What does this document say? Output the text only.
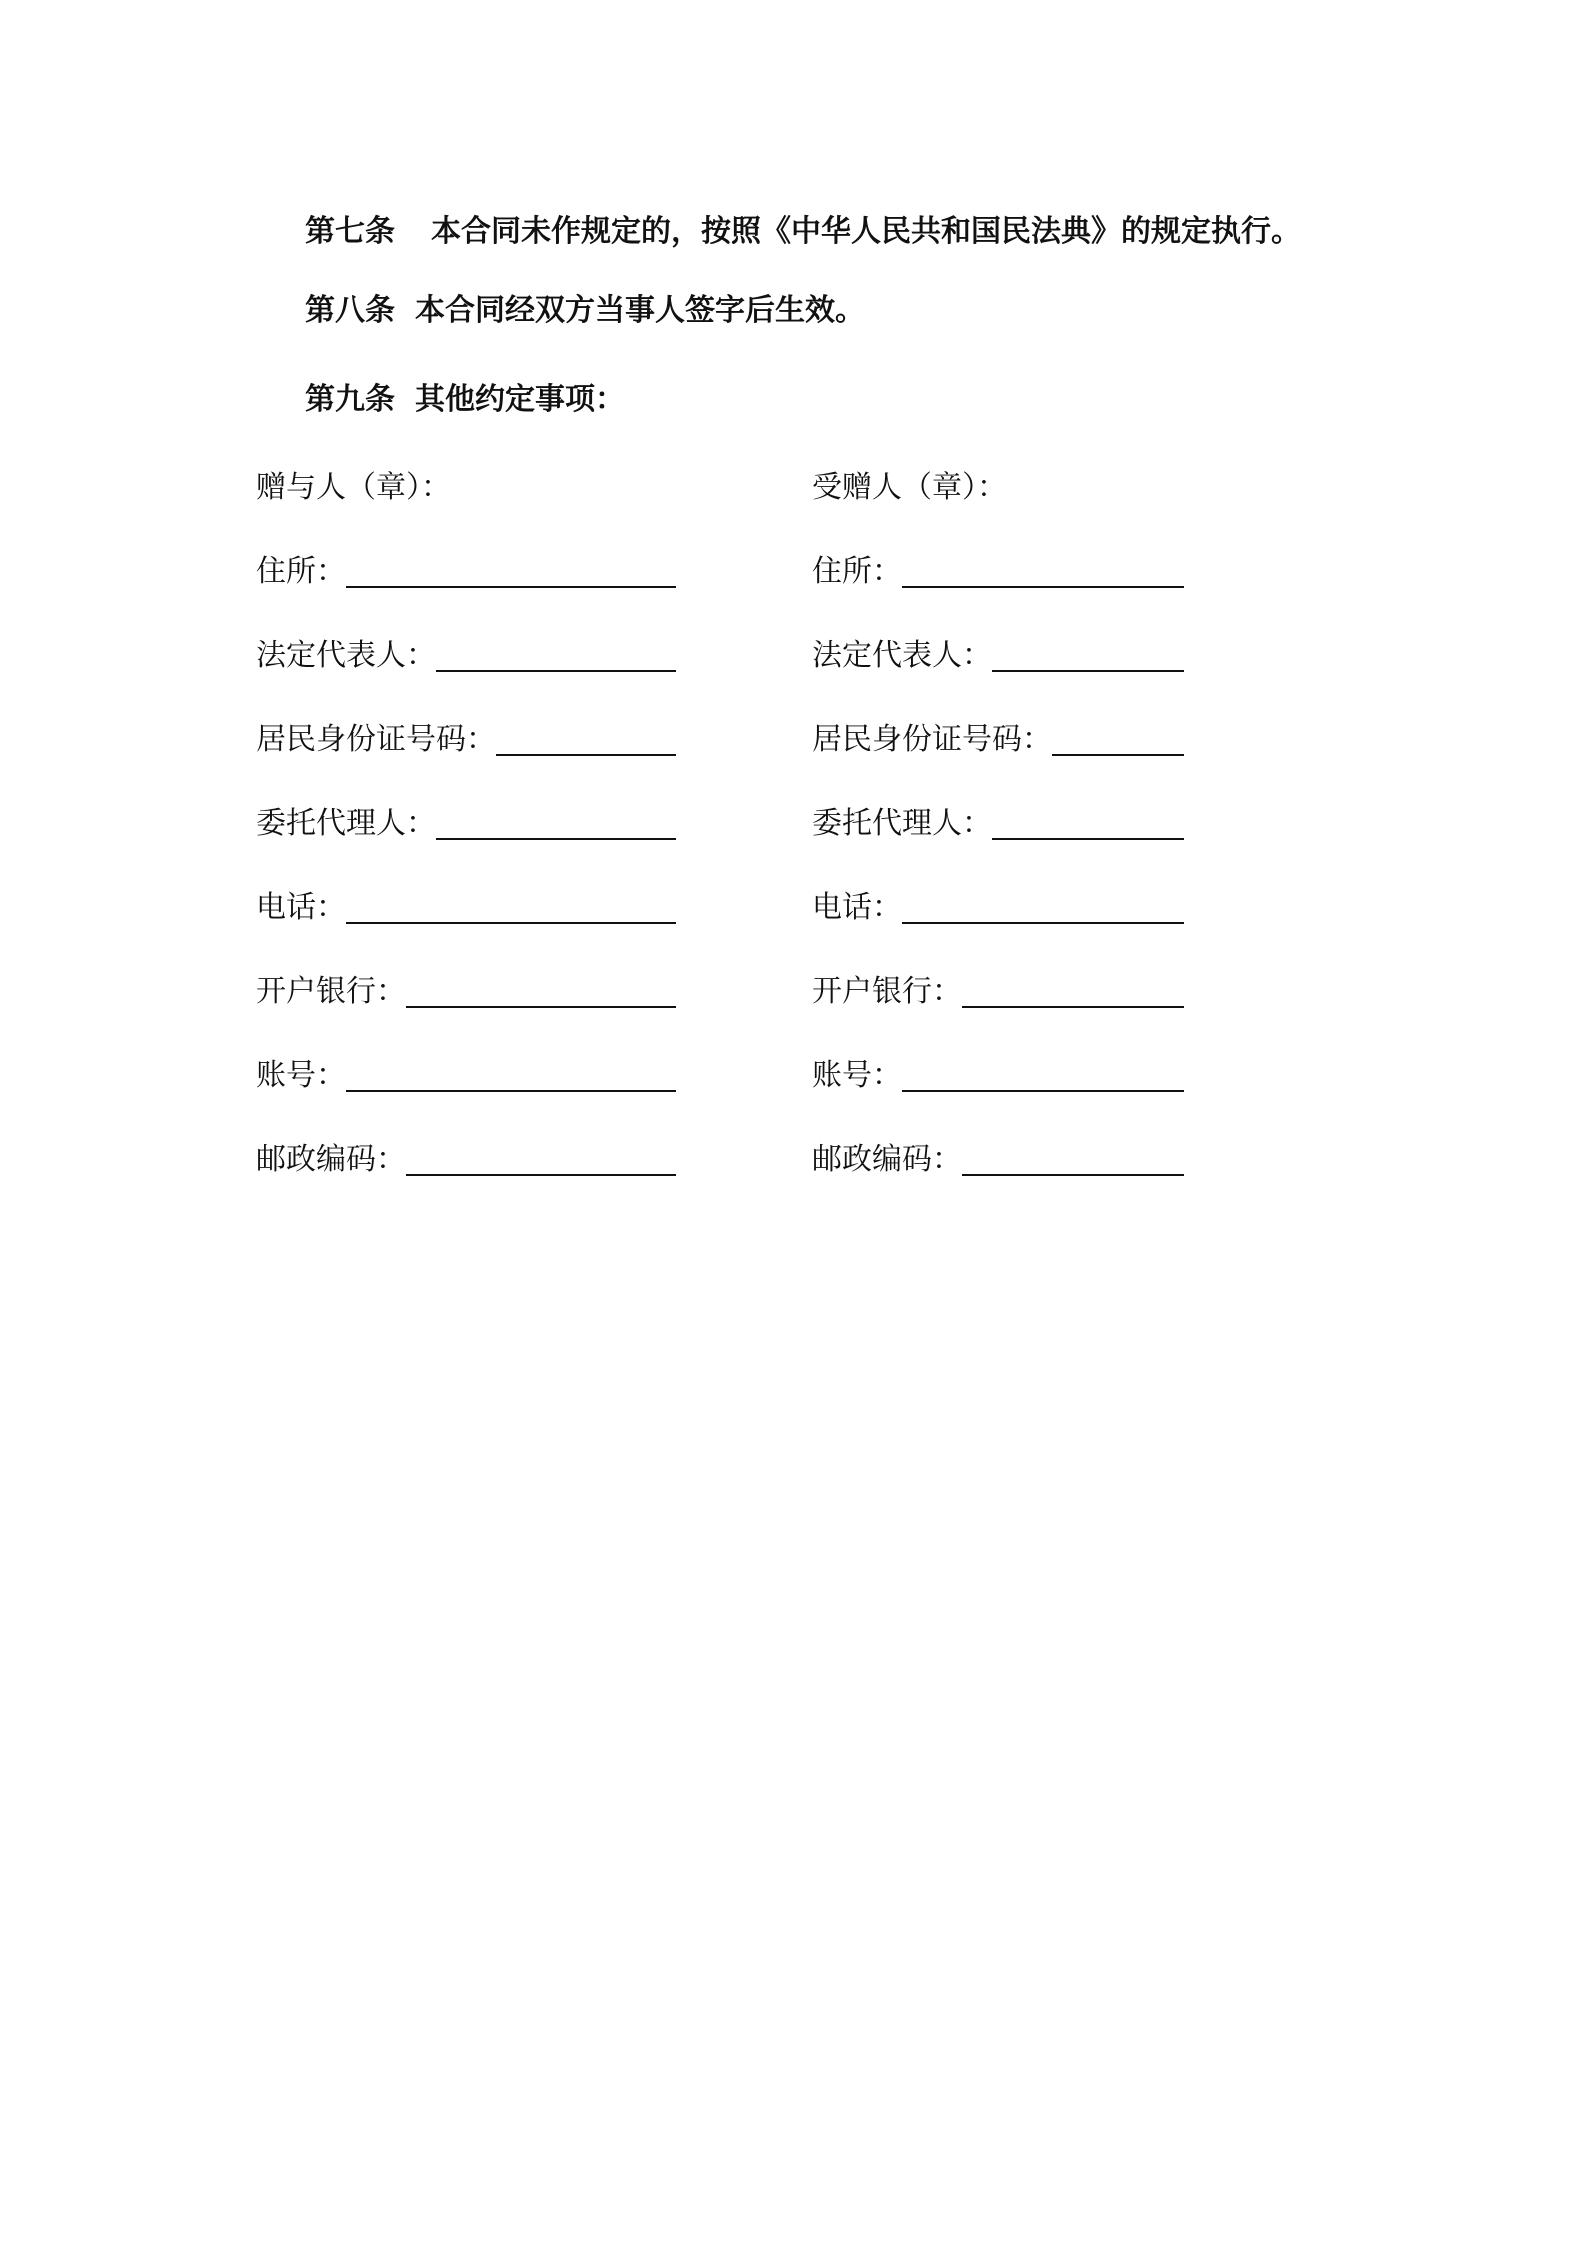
第七条 本合同未作规定的，按照《中华人民共和国民法典》的规定执行。
第八条 本合同经双方当事人签字后生效。
第九条 其他约定事项：
赠与人（章）：
住所：
法定代表人：
居民身份证号码：
委托代理人：
电话：
开户银行：
账号：
邮政编码：
受赠人（章）：
住所：
法定代表人：
居民身份证号码：
委托代理人：
电话：
开户银行：
账号：
邮政编码：
